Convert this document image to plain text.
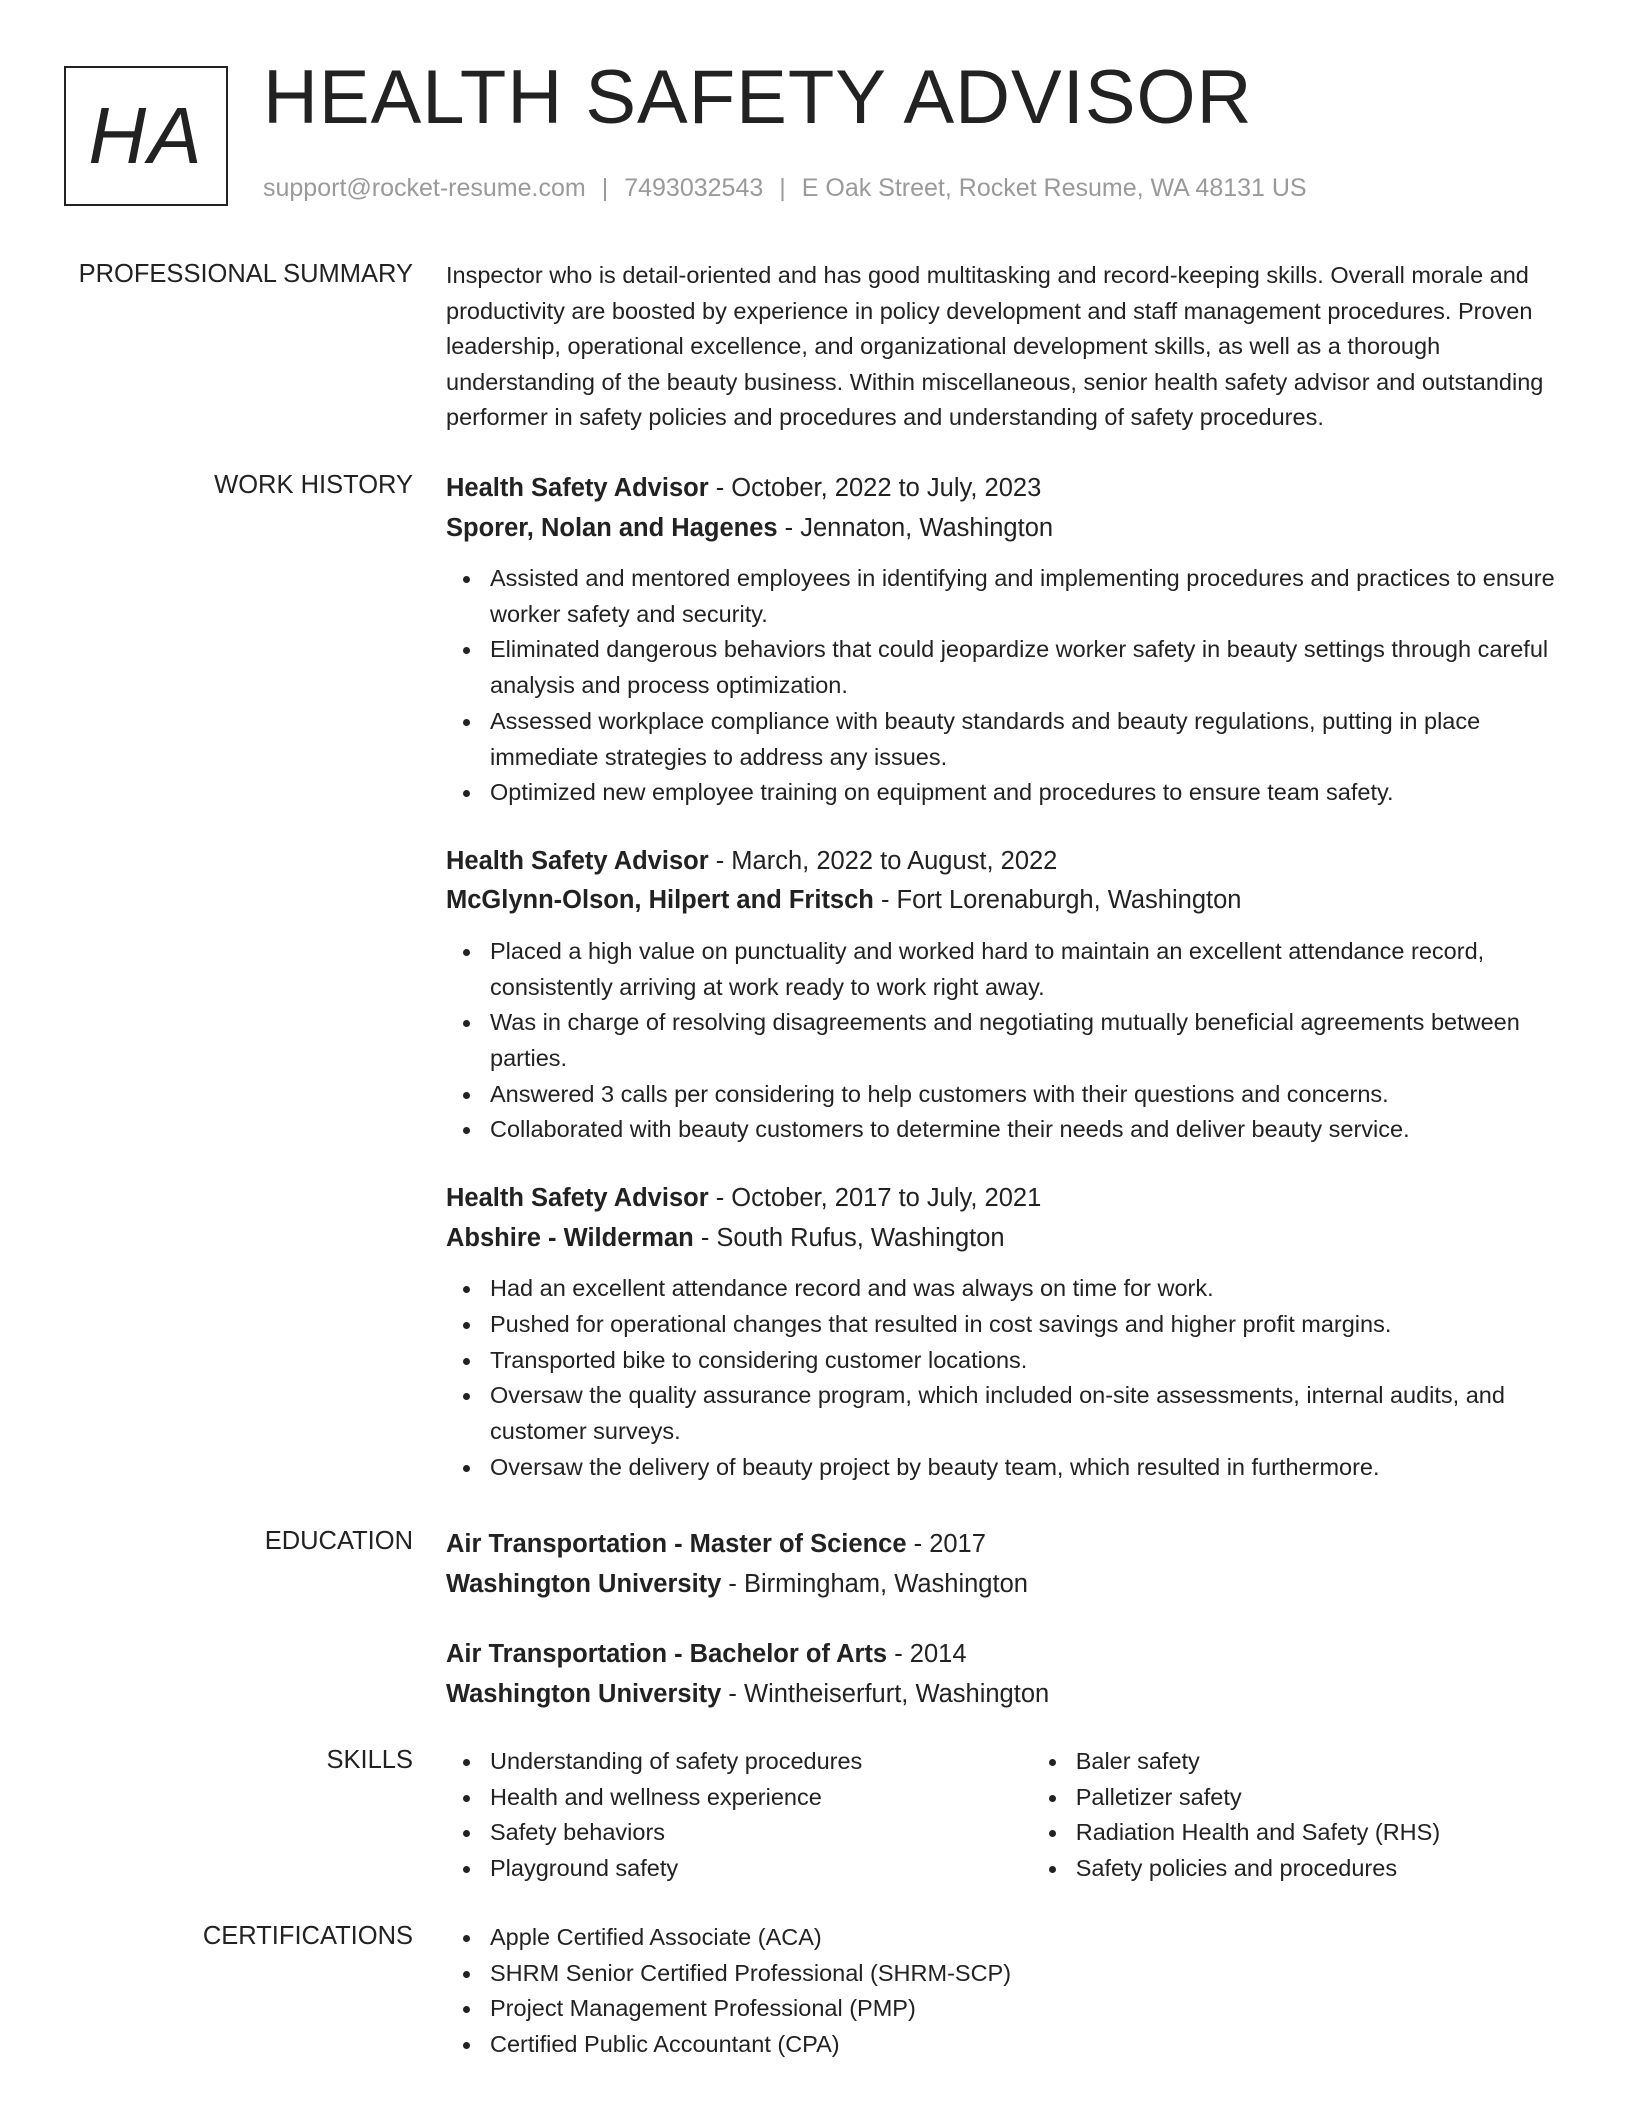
HA HEALTH SAFETY ADVISOR
support@rocket-resume.com | 7493032543 | E Oak Street, Rocket Resume, WA 48131 US
PROFESSIONAL SUMMARY Inspector who is detail-oriented and has good multitasking and record-keeping skills. Overall morale and productivity are boosted by experience in policy development and staff management procedures. Proven leadership, operational excellence, and organizational development skills, as well as a thorough understanding of the beauty business. Within miscellaneous, senior health safety advisor and outstanding performer in safety policies and procedures and understanding of safety procedures.

WORK HISTORY Health Safety Advisor - October, 2022 to July, 2023
Sporer, Nolan and Hagenes - Jennaton, Washington
Assisted and mentored employees in identifying and implementing procedures and practices to ensure worker safety and security.
Eliminated dangerous behaviors that could jeopardize worker safety in beauty settings through careful analysis and process optimization.
Assessed workplace compliance with beauty standards and beauty regulations, putting in place immediate strategies to address any issues.
Optimized new employee training on equipment and procedures to ensure team safety.
Health Safety Advisor - March, 2022 to August, 2022
McGlynn-Olson, Hilpert and Fritsch - Fort Lorenaburgh, Washington
Placed a high value on punctuality and worked hard to maintain an excellent attendance record, consistently arriving at work ready to work right away.
Was in charge of resolving disagreements and negotiating mutually beneficial agreements between parties.
Answered 3 calls per considering to help customers with their questions and concerns.
Collaborated with beauty customers to determine their needs and deliver beauty service.
Health Safety Advisor - October, 2017 to July, 2021
Abshire - Wilderman - South Rufus, Washington
Had an excellent attendance record and was always on time for work.
Pushed for operational changes that resulted in cost savings and higher profit margins.
Transported bike to considering customer locations.
Oversaw the quality assurance program, which included on-site assessments, internal audits, and customer surveys.
Oversaw the delivery of beauty project by beauty team, which resulted in furthermore.
EDUCATION Air Transportation - Master of Science - 2017
Washington University - Birmingham, Washington
Air Transportation - Bachelor of Arts - 2014
Washington University - Wintheiserfurt, Washington
SKILLS	Understanding of safety procedures
Health and wellness experience
Safety behaviors
Playground safety
Baler safety
Palletizer safety
Radiation Health and Safety (RHS)
Safety policies and procedures
CERTIFICATIONS	Apple Certified Associate (ACA)
SHRM Senior Certified Professional (SHRM-SCP)
Project Management Professional (PMP)
Certified Public Accountant (CPA)
